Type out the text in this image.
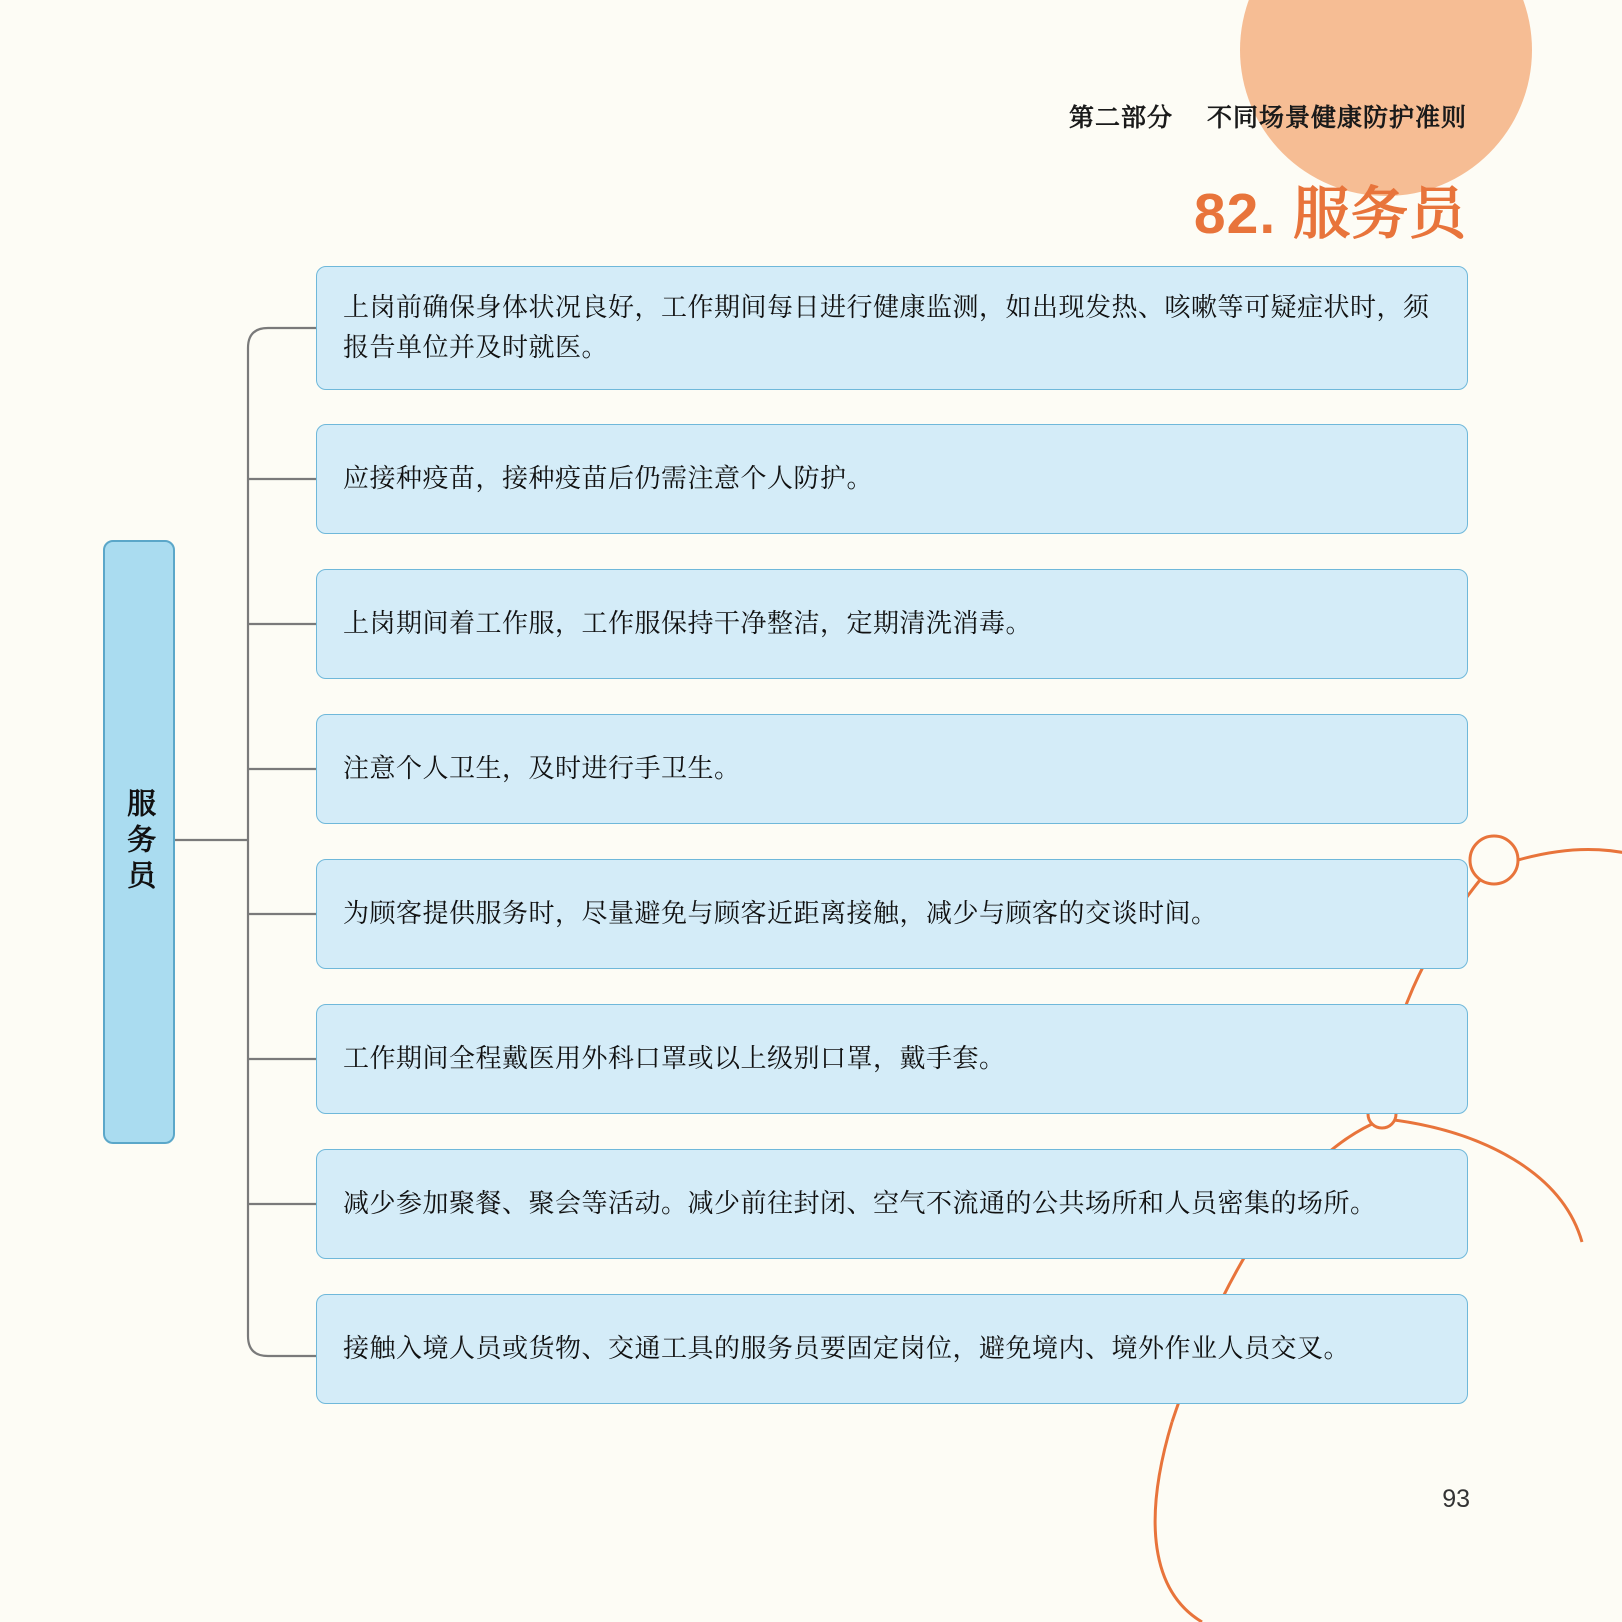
第二部分 不同场景健康防护准则
82. 服务员
服务员
上岗前确保身体状况良好，工作期间每日进行健康监测，如出现发热、咳嗽等可疑症状时，须报告单位并及时就医。
应接种疫苗，接种疫苗后仍需注意个人防护。
上岗期间着工作服，工作服保持干净整洁，定期清洗消毒。
注意个人卫生，及时进行手卫生。
为顾客提供服务时，尽量避免与顾客近距离接触，减少与顾客的交谈时间。
工作期间全程戴医用外科口罩或以上级别口罩，戴手套。
减少参加聚餐、聚会等活动。减少前往封闭、空气不流通的公共场所和人员密集的场所。
接触入境人员或货物、交通工具的服务员要固定岗位，避免境内、境外作业人员交叉。
93
